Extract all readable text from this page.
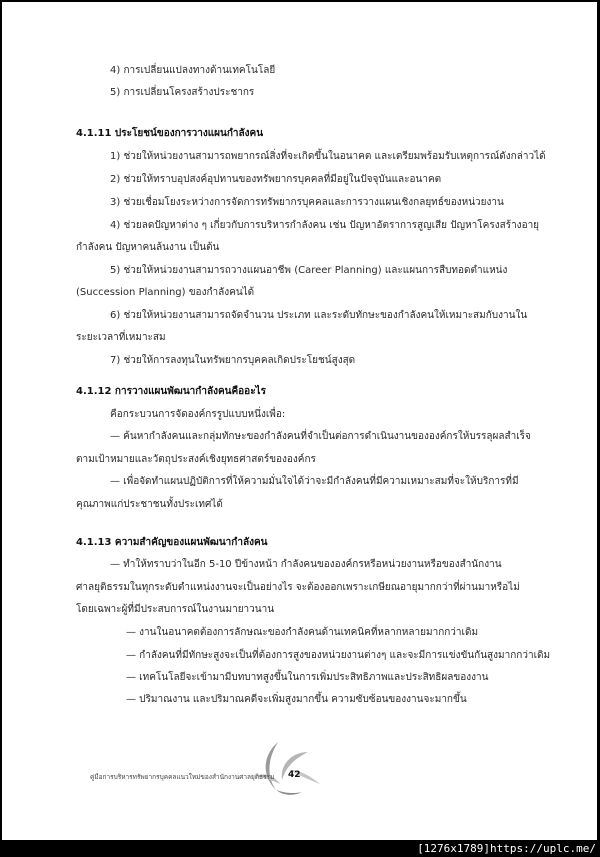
4) การเปลี่ยนแปลงทางด้านเทคโนโลยี
5) การเปลี่ยนโครงสร้างประชากร
4.1.11 ประโยชน์ของการวางแผนกำลังคน
1) ช่วยให้หน่วยงานสามารถพยากรณ์สิ่งที่จะเกิดขึ้นในอนาคต และเตรียมพร้อมรับเหตุการณ์ดังกล่าวได้
2) ช่วยให้ทราบอุปสงค์อุปทานของทรัพยากรบุคคลที่มีอยู่ในปัจจุบันและอนาคต
3) ช่วยเชื่อมโยงระหว่างการจัดการทรัพยากรบุคคลและการวางแผนเชิงกลยุทธ์ของหน่วยงาน
4) ช่วยลดปัญหาต่าง ๆ เกี่ยวกับการบริหารกำลังคน เช่น ปัญหาอัตราการสูญเสีย ปัญหาโครงสร้างอายุ
กำลังคน ปัญหาคนล้นงาน เป็นต้น
5) ช่วยให้หน่วยงานสามารถวางแผนอาชีพ (Career Planning) และแผนการสืบทอดตำแหน่ง
(Succession Planning) ของกำลังคนได้
6) ช่วยให้หน่วยงานสามารถจัดจำนวน ประเภท และระดับทักษะของกำลังคนให้เหมาะสมกับงานใน
ระยะเวลาที่เหมาะสม
7) ช่วยให้การลงทุนในทรัพยากรบุคคลเกิดประโยชน์สูงสุด
4.1.12 การวางแผนพัฒนากำลังคนคืออะไร
คือกระบวนการจัดองค์กรรูปแบบหนึ่งเพื่อ:
— ค้นหากำลังคนและกลุ่มทักษะของกำลังคนที่จำเป็นต่อการดำเนินงานขององค์กรให้บรรลุผลสำเร็จ
ตามเป้าหมายและวัตถุประสงค์เชิงยุทธศาสตร์ขององค์กร
— เพื่อจัดทำแผนปฏิบัติการที่ให้ความมั่นใจได้ว่าจะมีกำลังคนที่มีความเหมาะสมที่จะให้บริการที่มี
คุณภาพแก่ประชาชนทั้งประเทศได้
4.1.13 ความสำคัญของแผนพัฒนากำลังคน
— ทำให้ทราบว่าในอีก 5-10 ปีข้างหน้า กำลังคนขององค์กรหรือหน่วยงานหรือของสำนักงาน
ศาลยุติธรรมในทุกระดับตำแหน่งงานจะเป็นอย่างไร จะต้องออกเพราะเกษียณอายุมากกว่าที่ผ่านมาหรือไม่
โดยเฉพาะผู้ที่มีประสบการณ์ในงานมายาวนาน
— งานในอนาคตต้องการลักษณะของกำลังคนด้านเทคนิคที่หลากหลายมากกว่าเดิม
— กำลังคนที่มีทักษะสูงจะเป็นที่ต้องการสูงของหน่วยงานต่างๆ และจะมีการแข่งขันกันสูงมากกว่าเดิม
— เทคโนโลยีจะเข้ามามีบทบาทสูงขึ้นในการเพิ่มประสิทธิภาพและประสิทธิผลของงาน
— ปริมาณงาน และปริมาณคดีจะเพิ่มสูงมากขึ้น ความซับซ้อนของงานจะมากขึ้น
คู่มือการบริหารทรัพยากรบุคคลแนวใหม่ของสำนักงานศาลยุติธรรม 42
[1276x1789]https://uplc.me/
